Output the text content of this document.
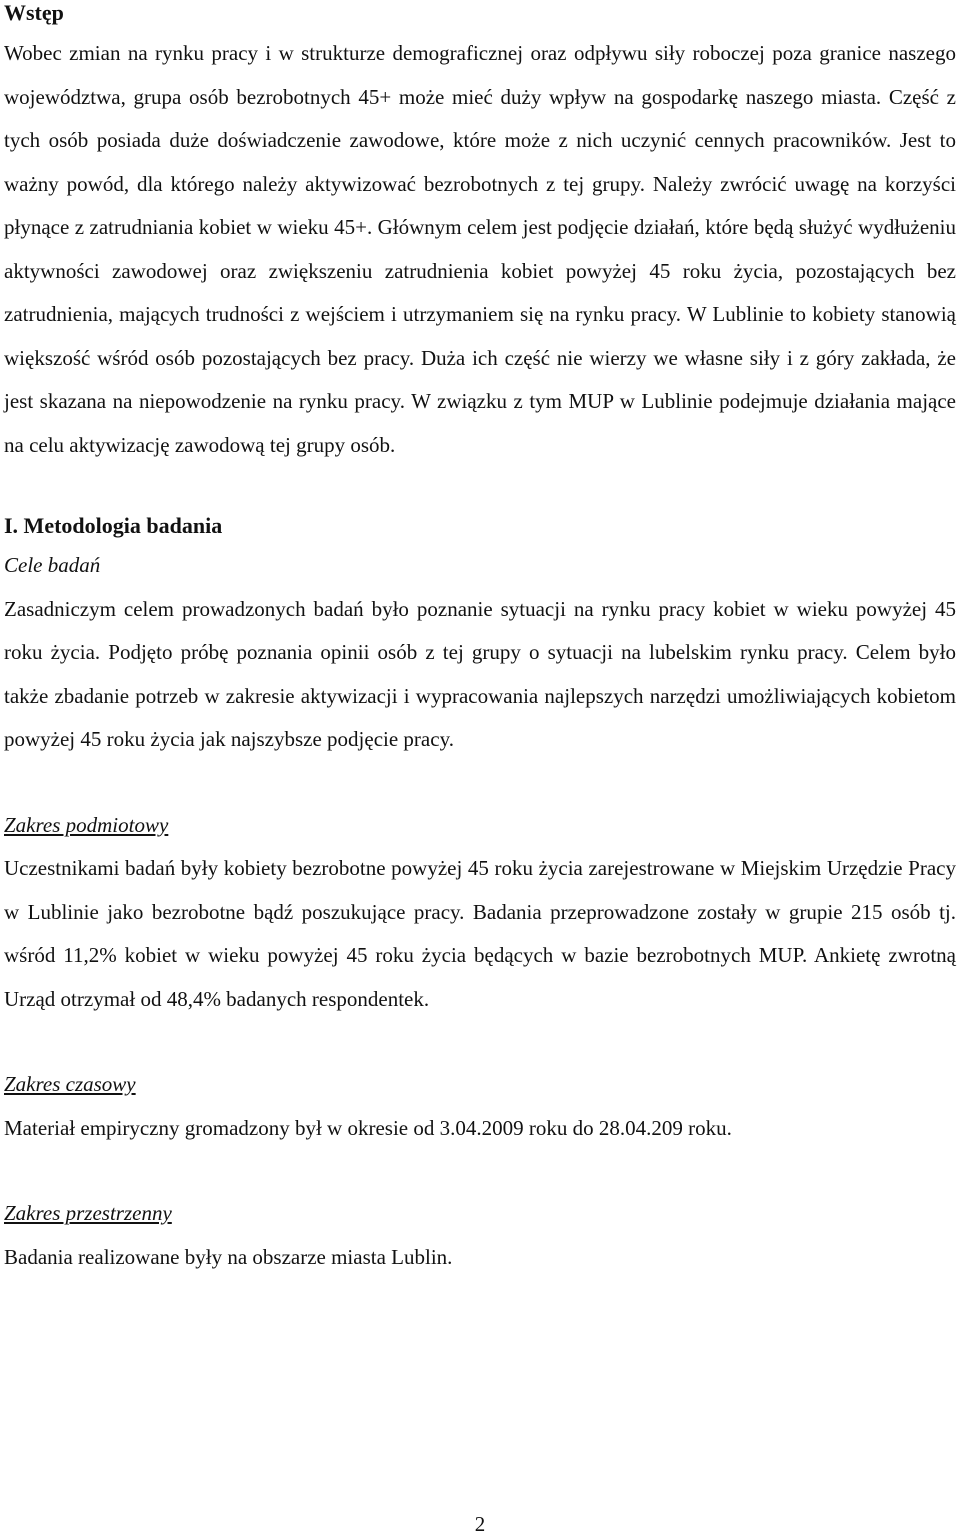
Wstęp

Wobec zmian na rynku pracy i w strukturze demograficznej oraz odpływu siły roboczej poza granice naszego województwa, grupa osób bezrobotnych 45+ może mieć duży wpływ na gospodarkę naszego miasta. Część z tych osób posiada duże doświadczenie zawodowe, które może z nich uczynić cennych pracowników. Jest to ważny powód, dla którego należy aktywizować bezrobotnych z tej grupy. Należy zwrócić uwagę na korzyści płynące z zatrudniania kobiet w wieku 45+. Głównym celem jest podjęcie działań, które będą służyć wydłużeniu aktywności zawodowej oraz zwiększeniu zatrudnienia kobiet powyżej 45 roku życia, pozostających bez zatrudnienia, mających trudności z wejściem i utrzymaniem się na rynku pracy. W Lublinie to kobiety stanowią większość wśród osób pozostających bez pracy. Duża ich część nie wierzy we własne siły i z góry zakłada, że jest skazana na niepowodzenie na rynku pracy. W związku z tym MUP w Lublinie podejmuje działania mające na celu aktywizację zawodową tej grupy osób.

I. Metodologia badania

Cele badań

Zasadniczym celem prowadzonych badań było poznanie sytuacji na rynku pracy kobiet w wieku powyżej 45 roku życia. Podjęto próbę poznania opinii osób z tej grupy o sytuacji na lubelskim rynku pracy. Celem było także zbadanie potrzeb w zakresie aktywizacji i wypracowania najlepszych narzędzi umożliwiających kobietom powyżej 45 roku życia jak najszybsze podjęcie pracy.

Zakres podmiotowy

Uczestnikami badań były kobiety bezrobotne powyżej 45 roku życia zarejestrowane w Miejskim Urzędzie Pracy w Lublinie jako bezrobotne bądź poszukujące pracy. Badania przeprowadzone zostały w grupie 215 osób tj. wśród 11,2% kobiet w wieku powyżej 45 roku życia będących w bazie bezrobotnych MUP. Ankietę zwrotną Urząd otrzymał od 48,4% badanych respondentek.

Zakres czasowy

Materiał empiryczny gromadzony był w okresie od 3.04.2009 roku do 28.04.209 roku.

Zakres przestrzenny

Badania realizowane były na obszarze miasta Lublin.

2
